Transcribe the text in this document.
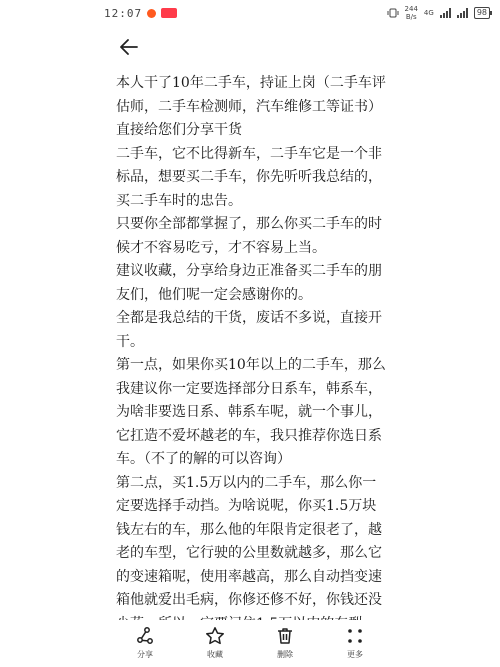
12:07	244
B/s 4G	98

本人干了10年二手车，持证上岗（二手车评估师，二手车检测师，汽车维修工等证书）直接给您们分享干货

二手车，它不比得新车，二手车它是一个非标品，想要买二手车，你先听听我总结的，买二手车时的忠告。

只要你全部都掌握了，那么你买二手车的时候才不容易吃亏，才不容易上当。

建议收藏，分享给身边正准备买二手车的朋友们，他们呢一定会感谢你的。

全都是我总结的干货，废话不多说，直接开干。

第一点，如果你买10年以上的二手车，那么我建议你一定要选择部分日系车，韩系车，为啥非要选日系、韩系车呢，就一个事儿，它扛造不爱坏越老的车，我只推荐你选日系车。（不了的解的可以咨询）

第二点，买1.5万以内的二手车，那么你一定要选择手动挡。为啥说呢，你买1.5万块钱左右的车，那么他的年限肯定很老了，越老的车型，它行驶的公里数就越多，那么它的变速箱呢，使用率越高，那么自动挡变速箱他就爱出毛病，你修还修不好，你钱还没

分享	收藏	删除	更多
